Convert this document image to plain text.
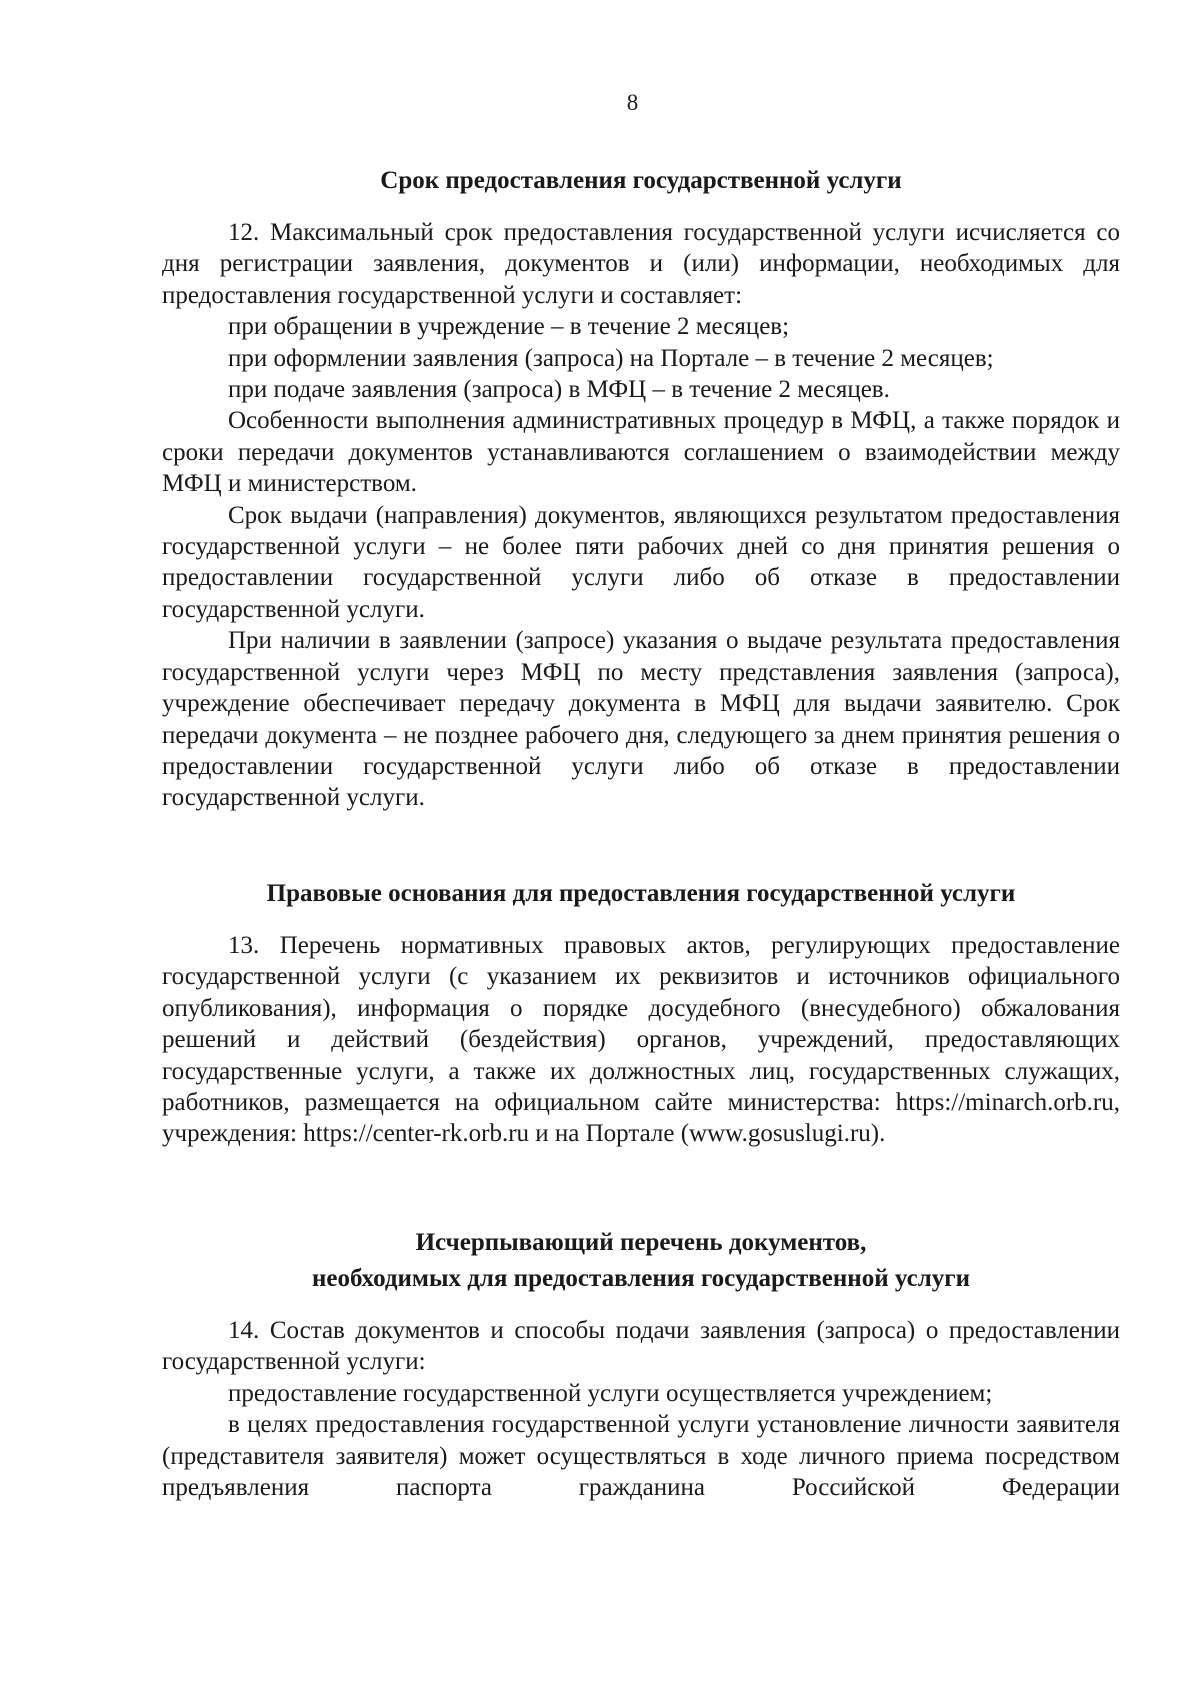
8
Срок предоставления государственной услуги

12. Максимальный срок предоставления государственной услуги исчисляется со дня регистрации заявления, документов и (или) информации, необходимых для предоставления государственной услуги и составляет:

при обращении в учреждение – в течение 2 месяцев;

при оформлении заявления (запроса) на Портале – в течение 2 месяцев;

при подаче заявления (запроса) в МФЦ – в течение 2 месяцев.

Особенности выполнения административных процедур в МФЦ, а также порядок и сроки передачи документов устанавливаются соглашением о взаимодействии между МФЦ и министерством.

Срок выдачи (направления) документов, являющихся результатом предоставления государственной услуги – не более пяти рабочих дней со дня принятия решения о предоставлении государственной услуги либо об отказе в предоставлении государственной услуги.

При наличии в заявлении (запросе) указания о выдаче результата предоставления государственной услуги через МФЦ по месту представления заявления (запроса), учреждение обеспечивает передачу документа в МФЦ для выдачи заявителю. Срок передачи документа – не позднее рабочего дня, следующего за днем принятия решения о предоставлении государственной услуги либо об отказе в предоставлении государственной услуги.

Правовые основания для предоставления государственной услуги

13. Перечень нормативных правовых актов, регулирующих предоставление государственной услуги (с указанием их реквизитов и источников официального опубликования), информация о порядке досудебного (внесудебного) обжалования решений и действий (бездействия) органов, учреждений, предоставляющих государственные услуги, а также их должностных лиц, государственных служащих, работников, размещается на официальном сайте министерства: https://minarch.orb.ru, учреждения: https://center-rk.orb.ru и на Портале (www.gosuslugi.ru).

Исчерпывающий перечень документов,
необходимых для предоставления государственной услуги

14. Состав документов и способы подачи заявления (запроса) о предоставлении государственной услуги:

предоставление государственной услуги осуществляется учреждением;

в целях предоставления государственной услуги установление личности заявителя (представителя заявителя) может осуществляться в ходе личного приема посредством предъявления паспорта гражданина Российской Федерации
